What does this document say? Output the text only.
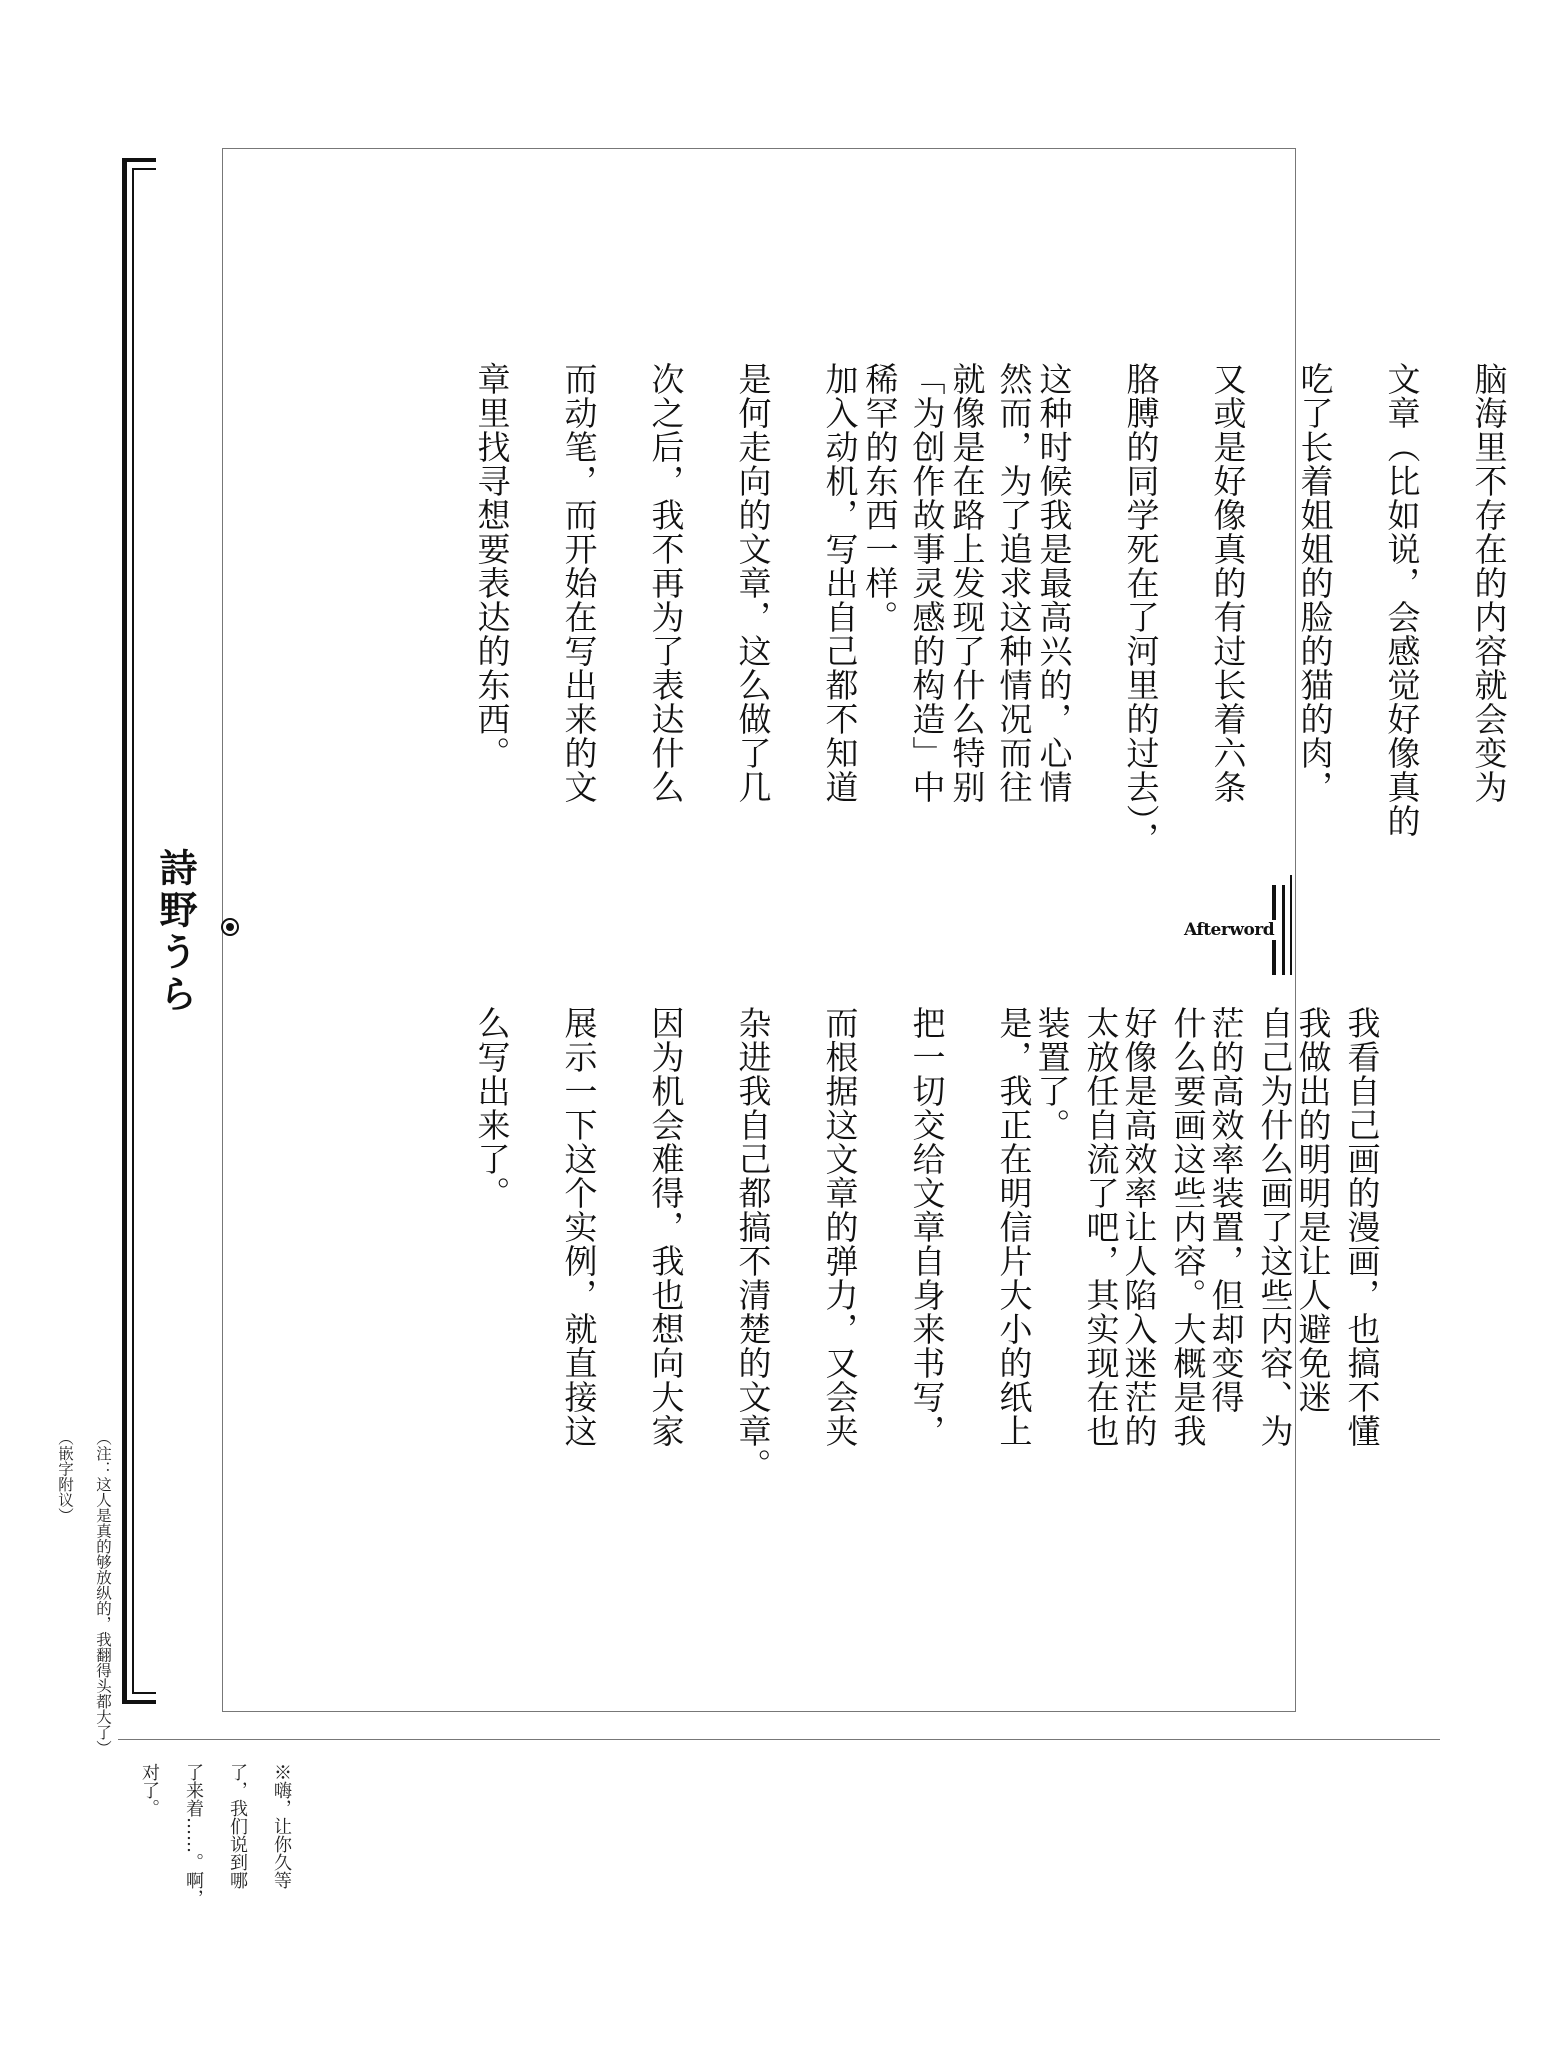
Afterword
詩野うら

脑海里不存在的内容就会变为

文章（比如说，会感觉好像真的

吃了长着姐姐的脸的猫的肉，

又或是好像真的有过长着六条

胳膊的同学死在了河里的过去），

这种时候我是最高兴的，心情

就像是在路上发现了什么特别

稀罕的东西一样。	然而，为了追求这种情况而往

「为创作故事灵感的构造」中

加入动机，写出自己都不知道

是何走向的文章，这么做了几

次之后，我不再为了表达什么

而动笔，而开始在写出来的文

章里找寻想要表达的东西。

我做出的明明是让人避免迷

茫的高效率装置，但却变得

好像是高效率让人陷入迷茫的

装置了。	我看自己画的漫画，也搞不懂

自己为什么画了这些内容、为

什么要画这些内容。大概是我

太放任自流了吧，其实现在也

是，我正在明信片大小的纸上

把一切交给文章自身来书写，

而根据这文章的弹力，又会夹

杂进我自己都搞不清楚的文章。

因为机会难得，我也想向大家

展示一下这个实例，就直接这

么写出来了。

（注：这人是真的够放纵的，我翻得头都大了）

（嵌字附议）

※嗨，让你久等

了，我们说到哪

了来着……。啊，

对了。
